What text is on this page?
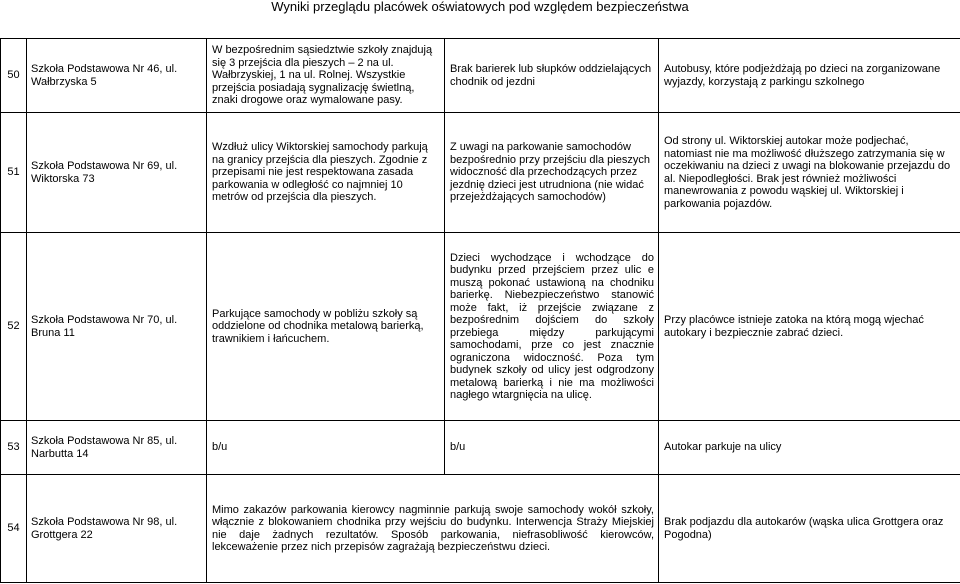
Wyniki przeglądu placówek oświatowych pod względem bezpieczeństwa
50	Szkoła Podstawowa Nr 46, ul. Wałbrzyska 5	W bezpośrednim sąsiedztwie szkoły znajdują się 3 przejścia dla pieszych – 2 na ul. Wałbrzyskiej, 1 na ul. Rolnej. Wszystkie przejścia posiadają sygnalizację świetlną, znaki drogowe oraz wymalowane pasy.	Brak barierek lub słupków oddzielających chodnik od jezdni	Autobusy, które podjeżdżają po dzieci na zorganizowane wyjazdy, korzystają z parkingu szkolnego
51	Szkoła Podstawowa Nr 69, ul. Wiktorska 73	Wzdłuż ulicy Wiktorskiej samochody parkują na granicy przejścia dla pieszych. Zgodnie z przepisami nie jest respektowana zasada parkowania w odległość co najmniej 10 metrów od przejścia dla pieszych.	Z uwagi na parkowanie samochodów bezpośrednio przy przejściu dla pieszych widoczność dla przechodzących przez jezdnię dzieci jest utrudniona (nie widać przejeżdżających samochodów)	Od strony ul. Wiktorskiej autokar może podjechać, natomiast nie ma możliwość dłuższego zatrzymania się w oczekiwaniu na dzieci z uwagi na blokowanie przejazdu do al. Niepodległości. Brak jest również możliwości manewrowania z powodu wąskiej ul. Wiktorskiej i parkowania pojazdów.
52	Szkoła Podstawowa Nr 70, ul. Bruna 11	Parkujące samochody w pobliżu szkoły są oddzielone od chodnika metalową barierką, trawnikiem i łańcuchem.	Dzieci wychodzące i wchodzące do budynku przed przejściem przez ulic e muszą pokonać ustawioną na chodniku barierkę. Niebezpieczeństwo stanowić może fakt, iż przejście związane z bezpośrednim dojściem do szkoły przebiega między parkującymi samochodami, prze co jest znacznie ograniczona widoczność. Poza tym budynek szkoły od ulicy jest odgrodzony metalową barierką i nie ma możliwości nagłego wtargnięcia na ulicę.	Przy placówce istnieje zatoka na którą mogą wjechać autokary i bezpiecznie zabrać dzieci.
53	Szkoła Podstawowa Nr 85, ul. Narbutta 14	b/u	b/u	Autokar parkuje na ulicy
54	Szkoła Podstawowa Nr 98, ul. Grottgera 22	Mimo zakazów parkowania kierowcy nagminnie parkują swoje samochody wokół szkoły, włącznie z blokowaniem chodnika przy wejściu do budynku. Interwencja Straży Miejskiej nie daje żadnych rezultatów. Sposób parkowania, niefrasobliwość kierowców, lekceważenie przez nich przepisów zagrażają bezpieczeństwu dzieci.		Brak podjazdu dla autokarów (wąska ulica Grottgera oraz Pogodna)
